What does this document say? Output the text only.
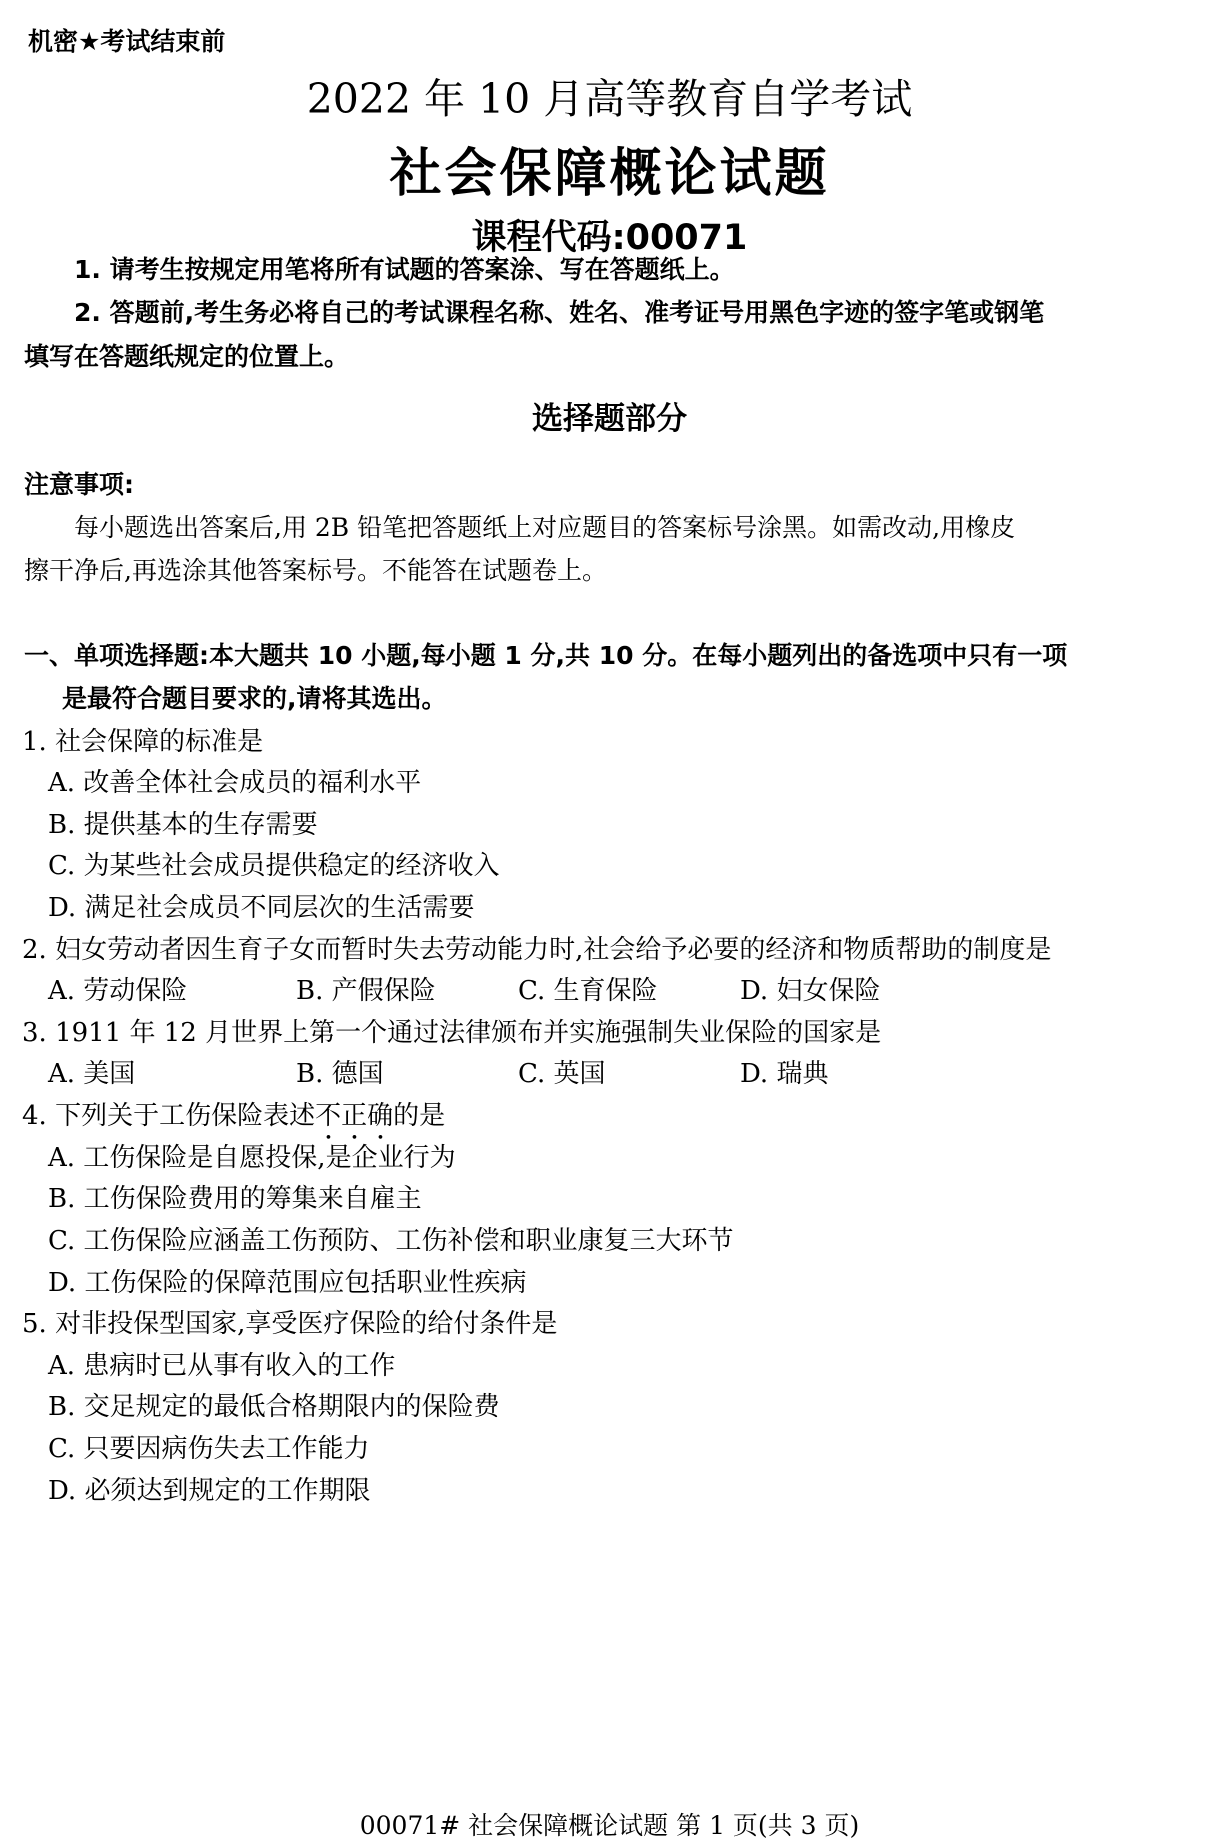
机密★考试结束前
2022 年 10 月高等教育自学考试
社会保障概论试题
课程代码:00071
1. 请考生按规定用笔将所有试题的答案涂、写在答题纸上。
2. 答题前,考生务必将自己的考试课程名称、姓名、准考证号用黑色字迹的签字笔或钢笔
填写在答题纸规定的位置上。
选择题部分
注意事项:
每小题选出答案后,用 2B 铅笔把答题纸上对应题目的答案标号涂黑。如需改动,用橡皮
擦干净后,再选涂其他答案标号。不能答在试题卷上。
一、单项选择题:本大题共 10 小题,每小题 1 分,共 10 分。在每小题列出的备选项中只有一项
是最符合题目要求的,请将其选出。
1. 社会保障的标准是
A. 改善全体社会成员的福利水平
B. 提供基本的生存需要
C. 为某些社会成员提供稳定的经济收入
D. 满足社会成员不同层次的生活需要
2. 妇女劳动者因生育子女而暂时失去劳动能力时,社会给予必要的经济和物质帮助的制度是
A. 劳动保险	B. 产假保险	C. 生育保险	D. 妇女保险
3. 1911 年 12 月世界上第一个通过法律颁布并实施强制失业保险的国家是
A. 美国	B. 德国	C. 英国	D. 瑞典
4. 下列关于工伤保险表述不正确的是
A. 工伤保险是自愿投保,是企业行为
B. 工伤保险费用的筹集来自雇主
C. 工伤保险应涵盖工伤预防、工伤补偿和职业康复三大环节
D. 工伤保险的保障范围应包括职业性疾病
5. 对非投保型国家,享受医疗保险的给付条件是
A. 患病时已从事有收入的工作
B. 交足规定的最低合格期限内的保险费
C. 只要因病伤失去工作能力
D. 必须达到规定的工作期限
00071# 社会保障概论试题 第 1 页(共 3 页)
